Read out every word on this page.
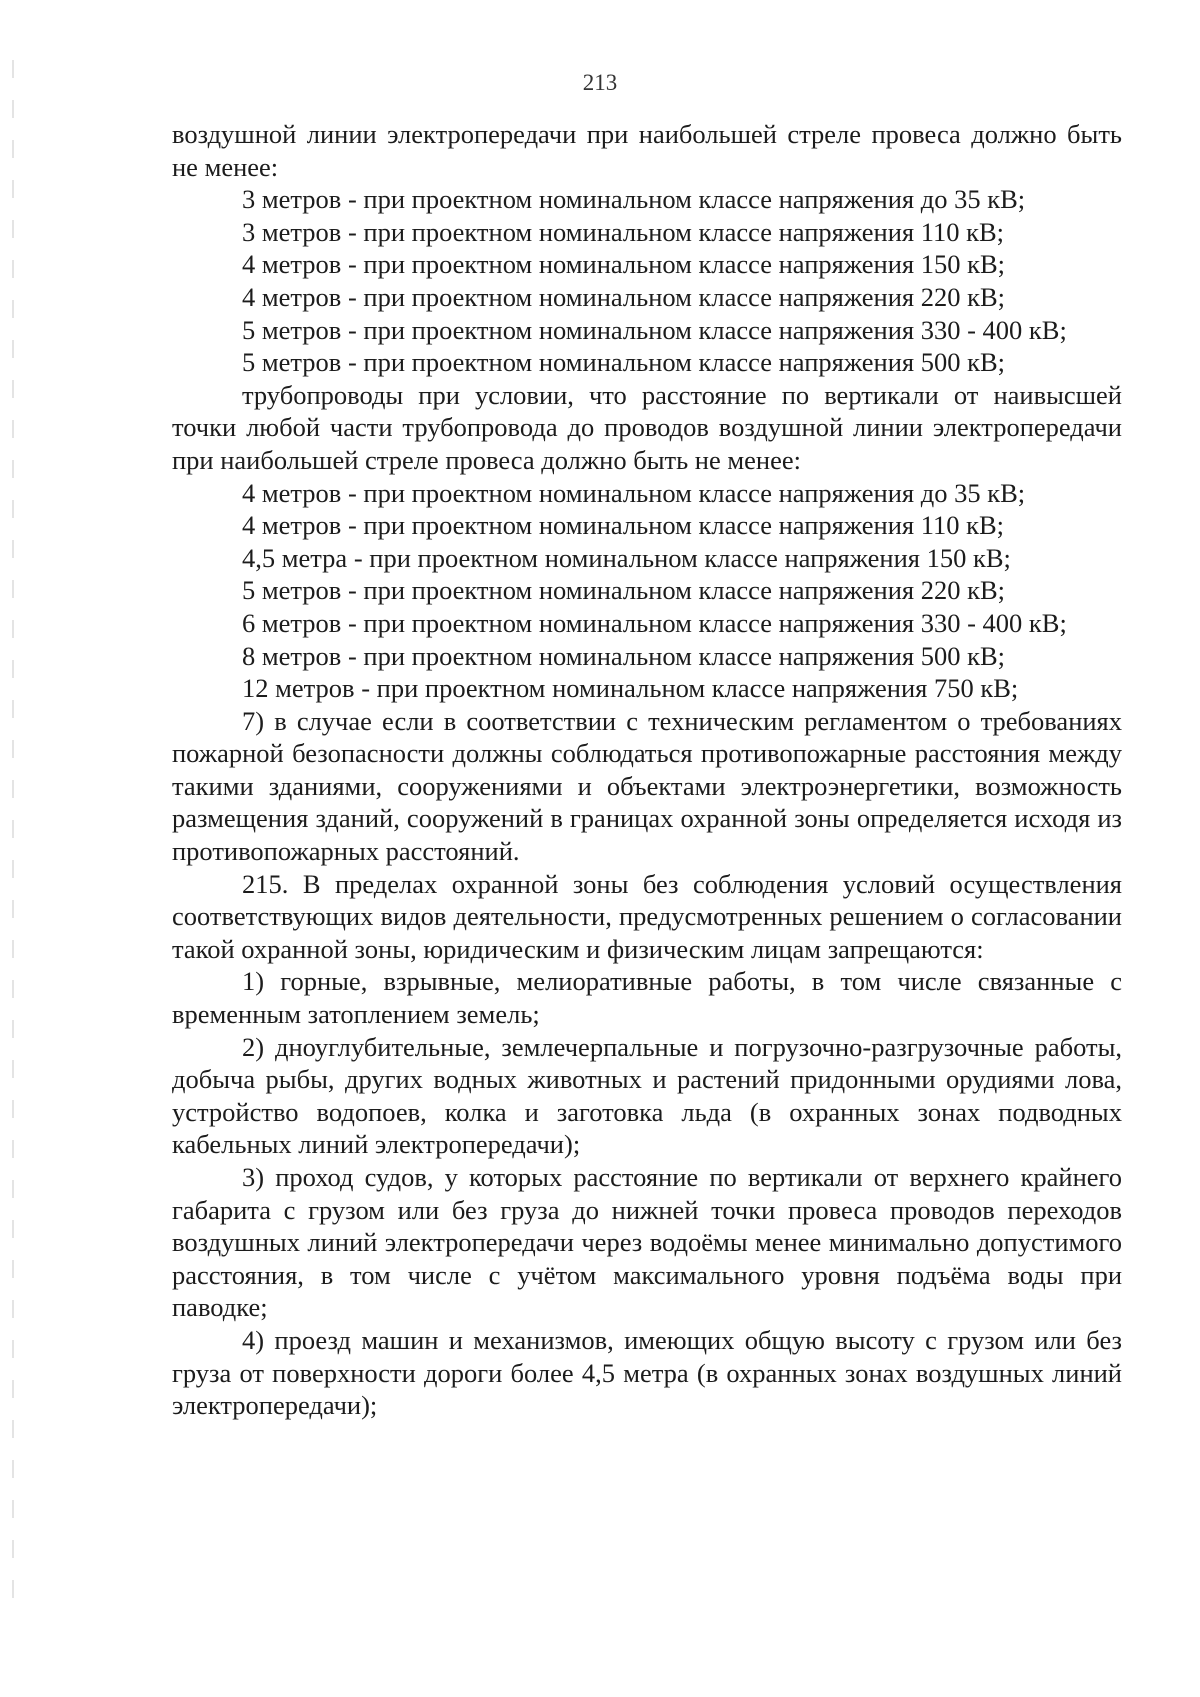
213

воздушной линии электропередачи при наибольшей стреле провеса должно быть не менее:

3 метров - при проектном номинальном классе напряжения до 35 кВ;

3 метров - при проектном номинальном классе напряжения 110 кВ;

4 метров - при проектном номинальном классе напряжения 150 кВ;

4 метров - при проектном номинальном классе напряжения 220 кВ;

5 метров - при проектном номинальном классе напряжения 330 - 400 кВ;

5 метров - при проектном номинальном классе напряжения 500 кВ;

трубопроводы при условии, что расстояние по вертикали от наивысшей точки любой части трубопровода до проводов воздушной линии электропередачи при наибольшей стреле провеса должно быть не менее:

4 метров - при проектном номинальном классе напряжения до 35 кВ;

4 метров - при проектном номинальном классе напряжения 110 кВ;

4,5 метра - при проектном номинальном классе напряжения 150 кВ;

5 метров - при проектном номинальном классе напряжения 220 кВ;

6 метров - при проектном номинальном классе напряжения 330 - 400 кВ;

8 метров - при проектном номинальном классе напряжения 500 кВ;

12 метров - при проектном номинальном классе напряжения 750 кВ;

7) в случае если в соответствии с техническим регламентом о требованиях пожарной безопасности должны соблюдаться противопожарные расстояния между такими зданиями, сооружениями и объектами электроэнергетики, возможность размещения зданий, сооружений в границах охранной зоны определяется исходя из противопожарных расстояний.

215. В пределах охранной зоны без соблюдения условий осуществления соответствующих видов деятельности, предусмотренных решением о согласовании такой охранной зоны, юридическим и физическим лицам запрещаются:

1) горные, взрывные, мелиоративные работы, в том числе связанные с временным затоплением земель;

2) дноуглубительные, землечерпальные и погрузочно-разгрузочные работы, добыча рыбы, других водных животных и растений придонными орудиями лова, устройство водопоев, колка и заготовка льда (в охранных зонах подводных кабельных линий электропередачи);

3) проход судов, у которых расстояние по вертикали от верхнего крайнего габарита с грузом или без груза до нижней точки провеса проводов переходов воздушных линий электропередачи через водоёмы менее минимально допустимого расстояния, в том числе с учётом максимального уровня подъёма воды при паводке;

4) проезд машин и механизмов, имеющих общую высоту с грузом или без груза от поверхности дороги более 4,5 метра (в охранных зонах воздушных линий электропередачи);
